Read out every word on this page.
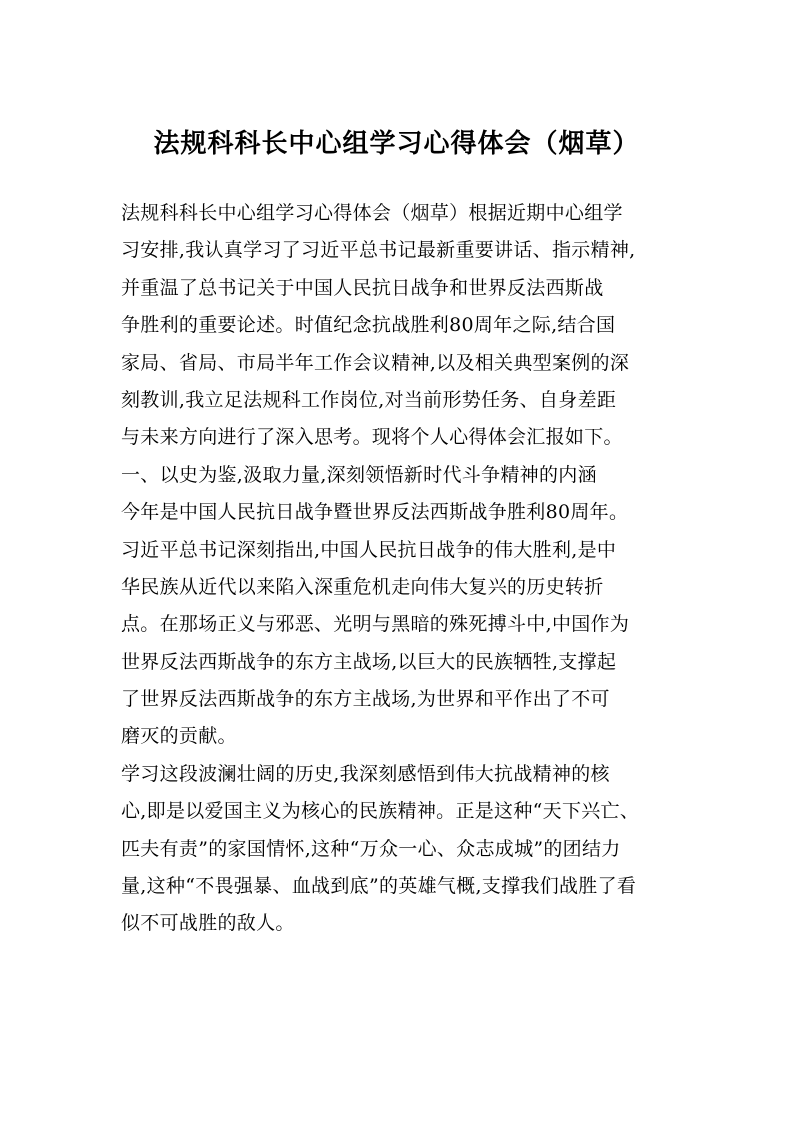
法规科科长中心组学习心得体会（烟草）
法规科科长中心组学习心得体会（烟草）根据近期中心组学
习安排,我认真学习了习近平总书记最新重要讲话、指示精神,
并重温了总书记关于中国人民抗日战争和世界反法西斯战
争胜利的重要论述。时值纪念抗战胜利80周年之际,结合国
家局、省局、市局半年工作会议精神,以及相关典型案例的深
刻教训,我立足法规科工作岗位,对当前形势任务、自身差距
与未来方向进行了深入思考。现将个人心得体会汇报如下。
一、以史为鉴,汲取力量,深刻领悟新时代斗争精神的内涵
今年是中国人民抗日战争暨世界反法西斯战争胜利80周年。
习近平总书记深刻指出,中国人民抗日战争的伟大胜利,是中
华民族从近代以来陷入深重危机走向伟大复兴的历史转折
点。在那场正义与邪恶、光明与黑暗的殊死搏斗中,中国作为
世界反法西斯战争的东方主战场,以巨大的民族牺牲,支撑起
了世界反法西斯战争的东方主战场,为世界和平作出了不可
磨灭的贡献。
学习这段波澜壮阔的历史,我深刻感悟到伟大抗战精神的核
心,即是以爱国主义为核心的民族精神。正是这种“天下兴亡、
匹夫有责”的家国情怀,这种“万众一心、众志成城”的团结力
量,这种“不畏强暴、血战到底”的英雄气概,支撑我们战胜了看
似不可战胜的敌人。
